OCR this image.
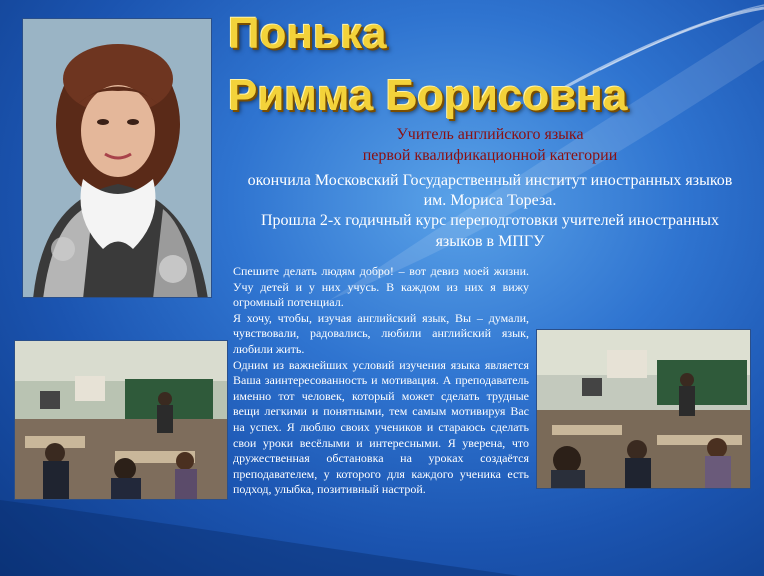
Понька
Римма Борисовна
Учитель английского языка
первой квалификационной категории
окончила Московский Государственный институт иностранных языков
им. Мориса Тореза.
Прошла 2-х годичный курс переподготовки учителей иностранных
языков в МПГУ

Спешите делать людям добро! – вот девиз моей жизни. Учу детей и у них учусь. В каждом из них я вижу огромный потенциал.

Я хочу, чтобы, изучая английский язык, Вы – думали, чувствовали, радовались, любили английский язык, любили жить.

Одним из важнейших условий изучения языка является Ваша заинтересованность и мотивация. А преподаватель именно тот человек, который может сделать трудные вещи легкими и понятными, тем самым мотивируя Вас на успех. Я люблю своих учеников и стараюсь сделать свои уроки весёлыми и интересными. Я уверена, что дружественная обстановка на уроках создаётся преподавателем, у которого для каждого ученика есть подход, улыбка, позитивный настрой.
